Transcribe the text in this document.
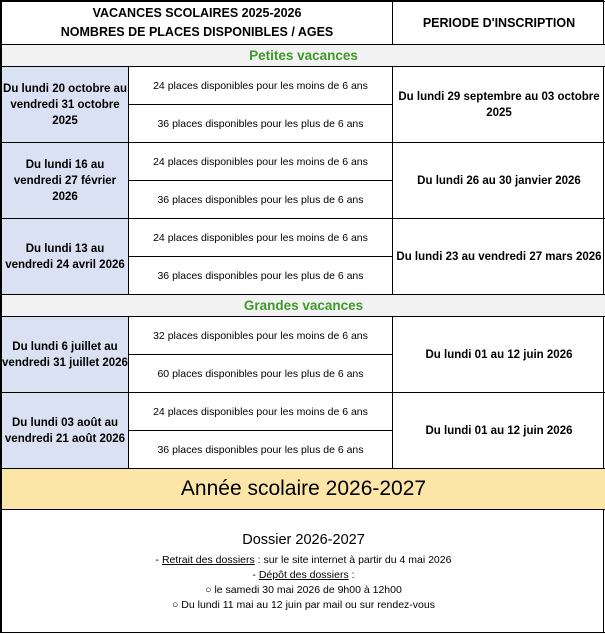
VACANCES SCOLAIRES 2025-2026
NOMBRES DE PLACES DISPONIBLES / AGES		PERIODE D'INSCRIPTION
Petites vacances		
Du lundi 20 octobre au vendredi 31 octobre 2025	24 places disponibles pour les moins de 6 ans	Du lundi 29 septembre au 03 octobre 2025
	36 places disponibles pour les plus de 6 ans	
Du lundi 16 au vendredi 27 février 2026	24 places disponibles pour les moins de 6 ans	Du lundi 26 au 30 janvier 2026
	36 places disponibles pour les plus de 6 ans	
Du lundi 13 au vendredi 24 avril 2026	24 places disponibles pour les moins de 6 ans	Du lundi 23 au vendredi 27 mars 2026
	36 places disponibles pour les plus de 6 ans	
Grandes vacances		
Du lundi 6 juillet au vendredi 31 juillet 2026	32 places disponibles pour les moins de 6 ans	Du lundi 01 au 12 juin 2026
	60 places disponibles pour les plus de 6 ans	
Du lundi 03 août au vendredi 21 août 2026	24 places disponibles pour les moins de 6 ans	Du lundi 01 au 12 juin 2026
	36 places disponibles pour les plus de 6 ans	
Année scolaire 2026-2027		

Dossier 2026-2027
- Retrait des dossiers : sur le site internet à partir du 4 mai 2026
- Dépôt des dossiers :
○ le samedi 30 mai 2026 de 9h00 à 12h00
○ Du lundi 11 mai au 12 juin par mail ou sur rendez-vous		
